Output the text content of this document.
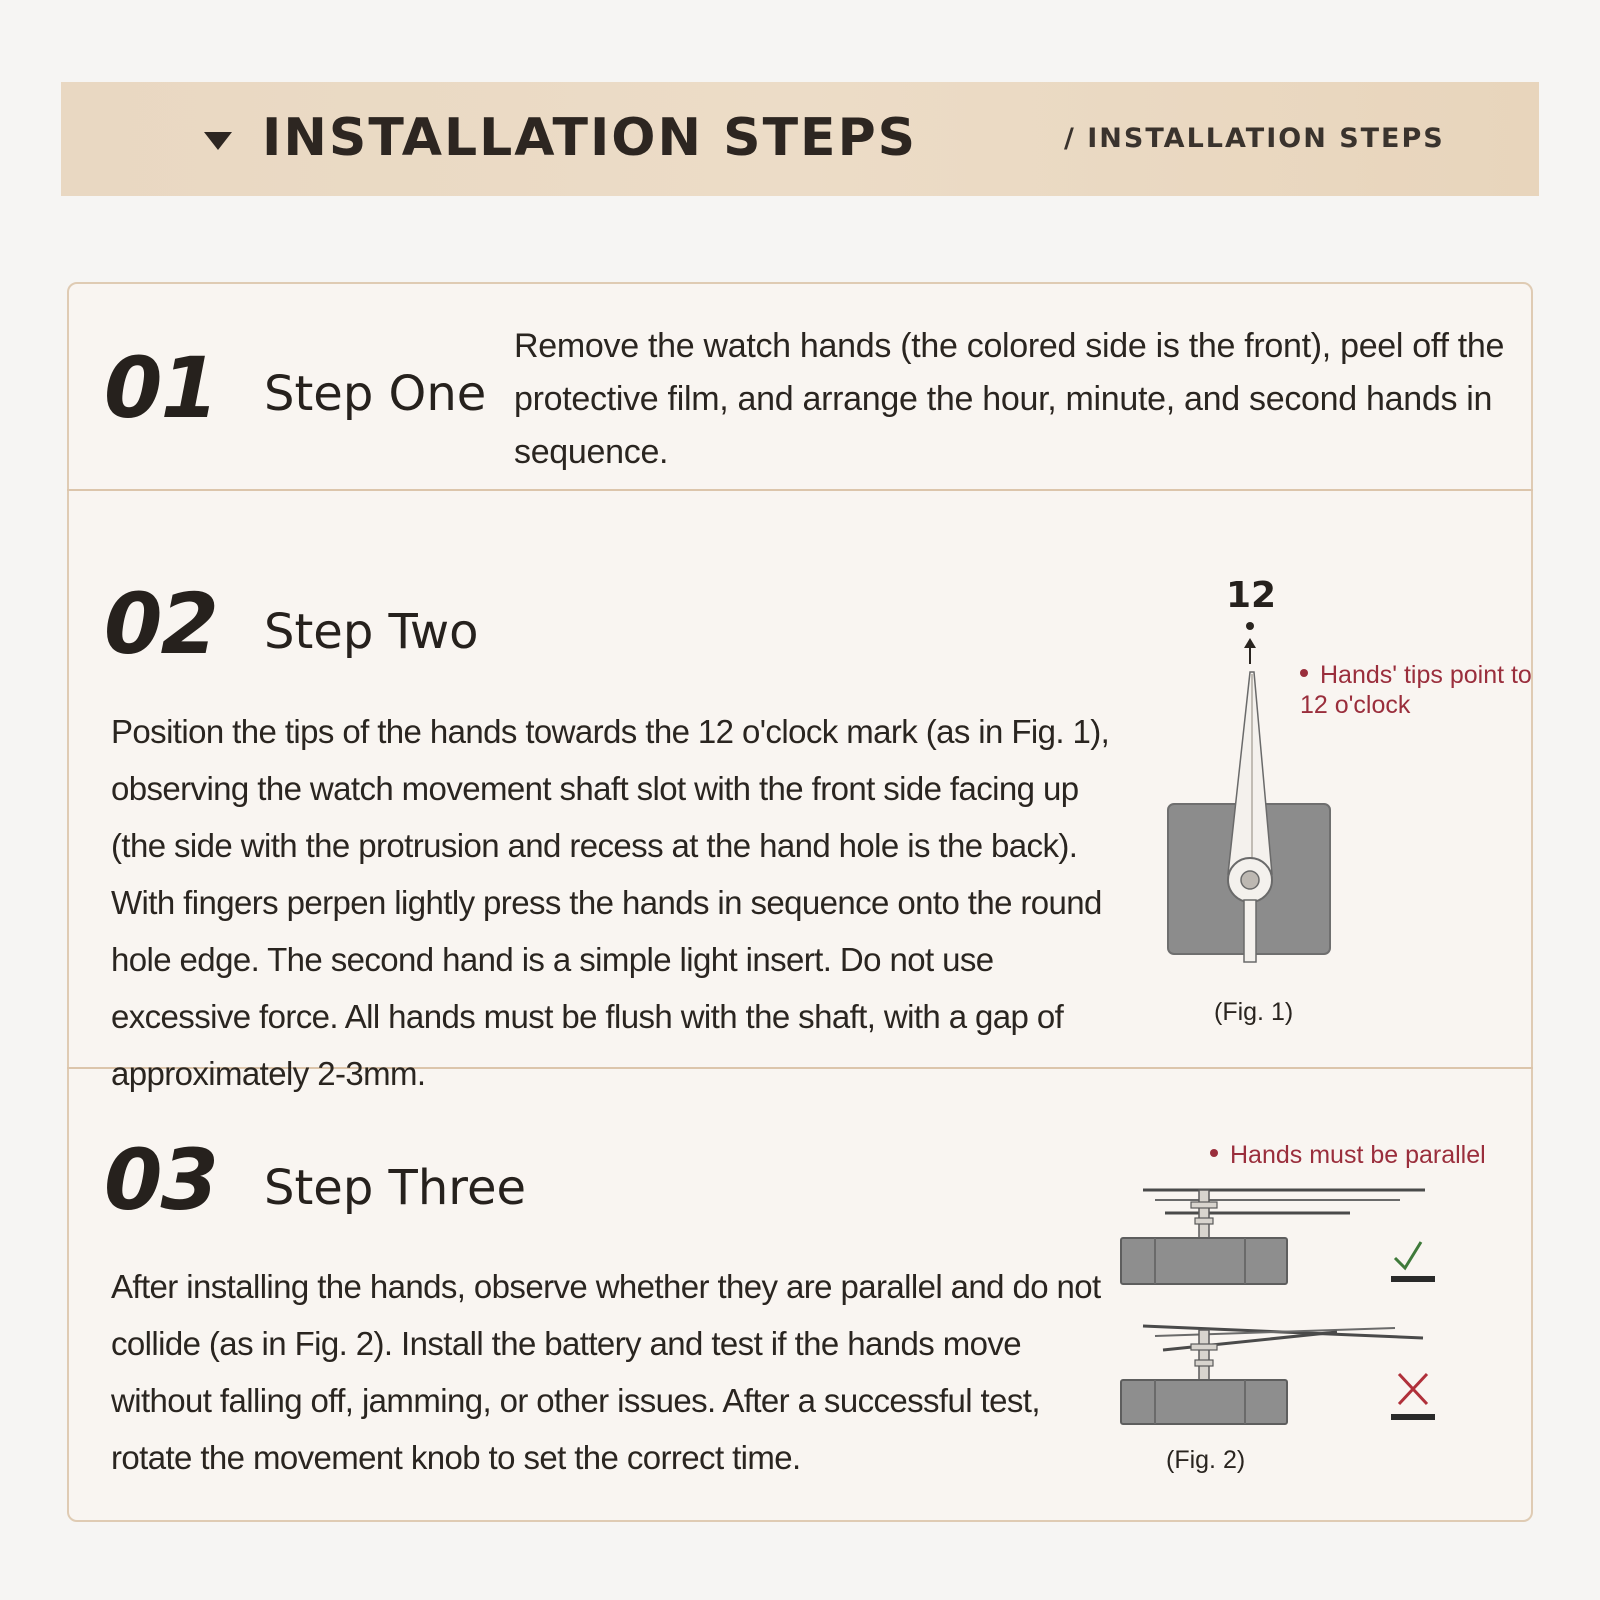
INSTALLATION STEPS	/ INSTALLATION STEPS
01 Step One
Remove the watch hands (the colored side is the front), peel off the protective film, and arrange the hour, minute, and second hands in sequence.
02 Step Two
Position the tips of the hands towards the 12 o'clock mark (as in Fig. 1), observing the watch movement shaft slot with the front side facing up (the side with the protrusion and recess at the hand hole is the back). With fingers perpen lightly press the hands in sequence onto the round hole edge. The second hand is a simple light insert. Do not use excessive force. All hands must be flush with the shaft, with a gap of approximately 2-3mm.
12
Hands' tips point to 12 o'clock
(Fig. 1)
03 Step Three
After installing the hands, observe whether they are parallel and do not collide (as in Fig. 2). Install the battery and test if the hands move without falling off, jamming, or other issues. After a successful test, rotate the movement knob to set the correct time.
Hands must be parallel
(Fig. 2)
